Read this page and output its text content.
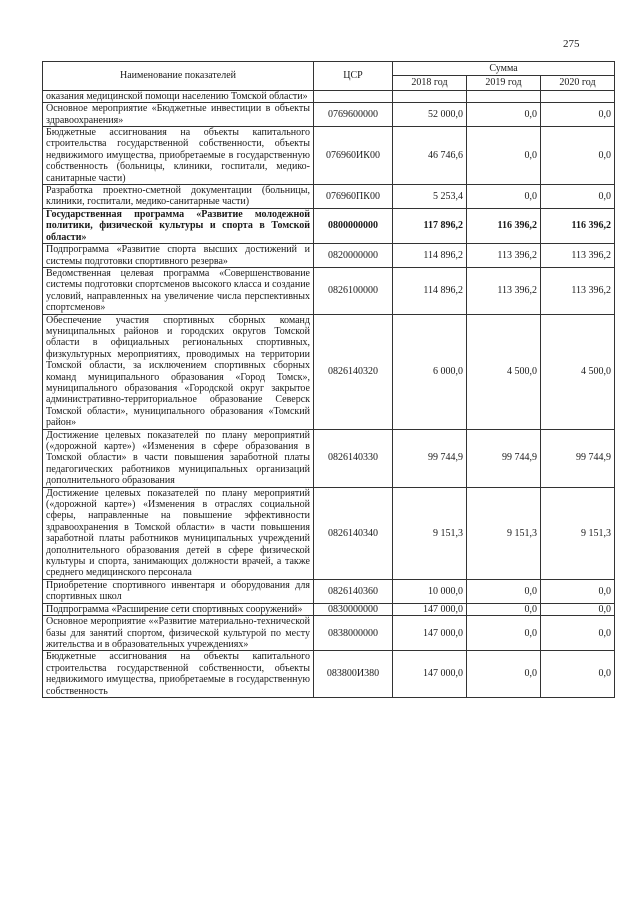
275
Наименование показателей	ЦСР	Сумма		
		2018 год	2019 год	2020 год
оказания медицинской помощи населению Томской области»				
Основное мероприятие «Бюджетные инвестиции в объекты здравоохранения»	0769600000	52 000,0	0,0	0,0
Бюджетные ассигнования на объекты капитального строительства государственной собственности, объекты недвижимого имущества, приобретаемые в государственную собственность (больницы, клиники, госпитали, медико-санитарные части)	076960ИК00	46 746,6	0,0	0,0
Разработка проектно-сметной документации (больницы, клиники, госпитали, медико-санитарные части)	076960ПК00	5 253,4	0,0	0,0
Государственная программа «Развитие молодежной политики, физической культуры и спорта в Томской области»	0800000000	117 896,2	116 396,2	116 396,2
Подпрограмма «Развитие спорта высших достижений и системы подготовки спортивного резерва»	0820000000	114 896,2	113 396,2	113 396,2
Ведомственная целевая программа «Совершенствование системы подготовки спортсменов высокого класса и создание условий, направленных на увеличение числа перспективных спортсменов»	0826100000	114 896,2	113 396,2	113 396,2
Обеспечение участия спортивных сборных команд муниципальных районов и городских округов Томской области в официальных региональных спортивных, физкультурных мероприятиях, проводимых на территории Томской области, за исключением спортивных сборных команд муниципального образования «Город Томск», муниципального образования «Городской округ закрытое административно-территориальное образование Северск Томской области», муниципального образования «Томский район»	0826140320	6 000,0	4 500,0	4 500,0
Достижение целевых показателей по плану мероприятий («дорожной карте») «Изменения в сфере образования в Томской области» в части повышения заработной платы педагогических работников муниципальных организаций дополнительного образования	0826140330	99 744,9	99 744,9	99 744,9
Достижение целевых показателей по плану мероприятий («дорожной карте») «Изменения в отраслях социальной сферы, направленные на повышение эффективности здравоохранения в Томской области» в части повышения заработной платы работников муниципальных учреждений дополнительного образования детей в сфере физической культуры и спорта, занимающих должности врачей, а также среднего медицинского персонала	0826140340	9 151,3	9 151,3	9 151,3
Приобретение спортивного инвентаря и оборудования для спортивных школ	0826140360	10 000,0	0,0	0,0
Подпрограмма «Расширение сети спортивных сооружений»	0830000000	147 000,0	0,0	0,0
Основное мероприятие ««Развитие материально-технической базы для занятий спортом, физической культурой по месту жительства и в образовательных учреждениях»	0838000000	147 000,0	0,0	0,0
Бюджетные ассигнования на объекты капитального строительства государственной собственности, объекты недвижимого имущества, приобретаемые в государственную собственность	083800И380	147 000,0	0,0	0,0
